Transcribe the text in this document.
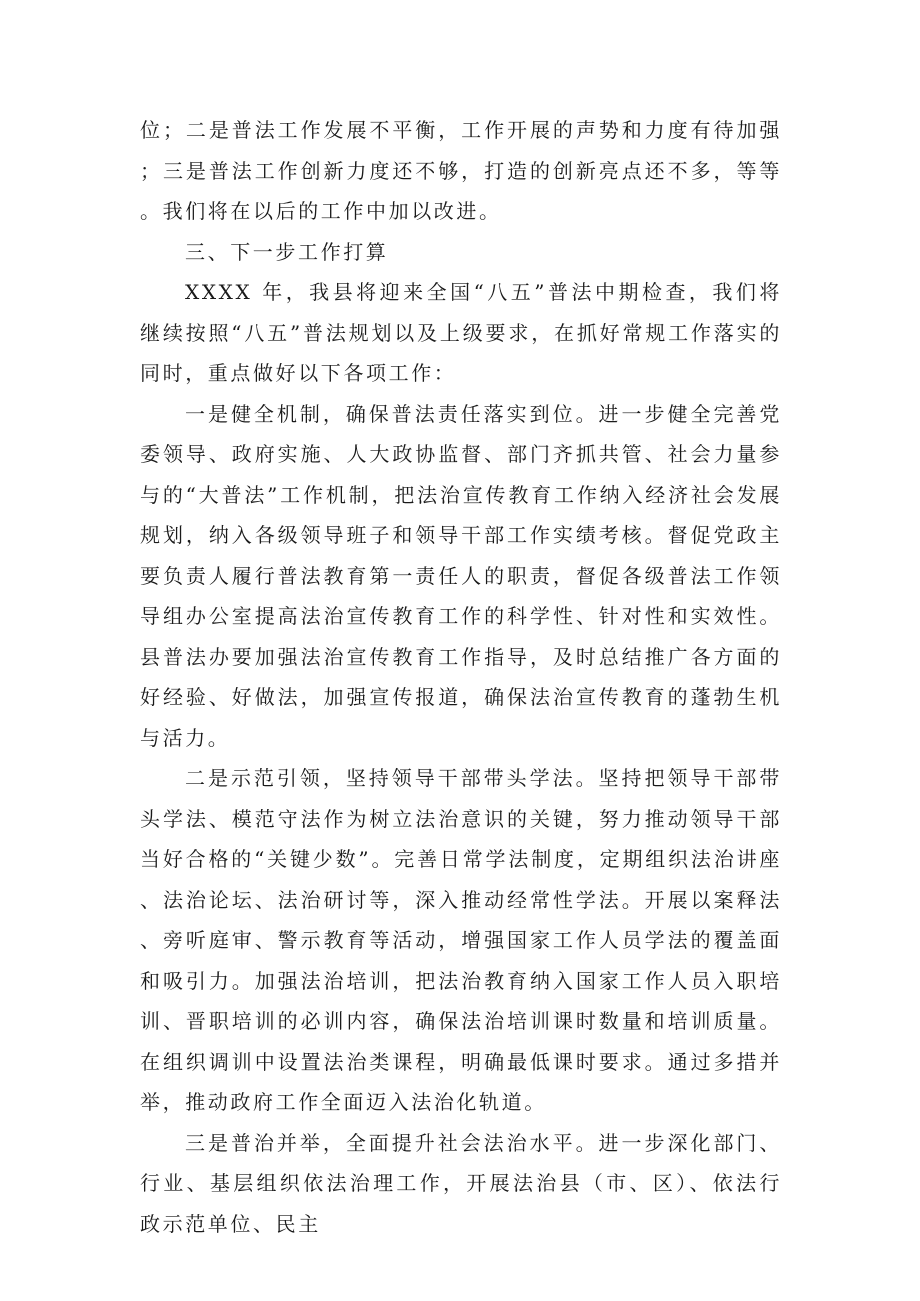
位；二是普法工作发展不平衡，工作开展的声势和力度有待加强；三是普法工作创新力度还不够，打造的创新亮点还不多，等等。我们将在以后的工作中加以改进。

三、下一步工作打算

XXXX 年，我县将迎来全国“八五”普法中期检查，我们将继续按照“八五”普法规划以及上级要求，在抓好常规工作落实的同时，重点做好以下各项工作：

一是健全机制，确保普法责任落实到位。进一步健全完善党委领导、政府实施、人大政协监督、部门齐抓共管、社会力量参与的“大普法”工作机制，把法治宣传教育工作纳入经济社会发展规划，纳入各级领导班子和领导干部工作实绩考核。督促党政主要负责人履行普法教育第一责任人的职责，督促各级普法工作领导组办公室提高法治宣传教育工作的科学性、针对性和实效性。县普法办要加强法治宣传教育工作指导，及时总结推广各方面的好经验、好做法，加强宣传报道，确保法治宣传教育的蓬勃生机与活力。

二是示范引领，坚持领导干部带头学法。坚持把领导干部带头学法、模范守法作为树立法治意识的关键，努力推动领导干部当好合格的“关键少数”。完善日常学法制度，定期组织法治讲座、法治论坛、法治研讨等，深入推动经常性学法。开展以案释法、旁听庭审、警示教育等活动，增强国家工作人员学法的覆盖面和吸引力。加强法治培训，把法治教育纳入国家工作人员入职培训、晋职培训的必训内容，确保法治培训课时数量和培训质量。在组织调训中设置法治类课程，明确最低课时要求。通过多措并举，推动政府工作全面迈入法治化轨道。

三是普治并举，全面提升社会法治水平。进一步深化部门、行业、基层组织依法治理工作，开展法治县（市、区）、依法行政示范单位、民主
